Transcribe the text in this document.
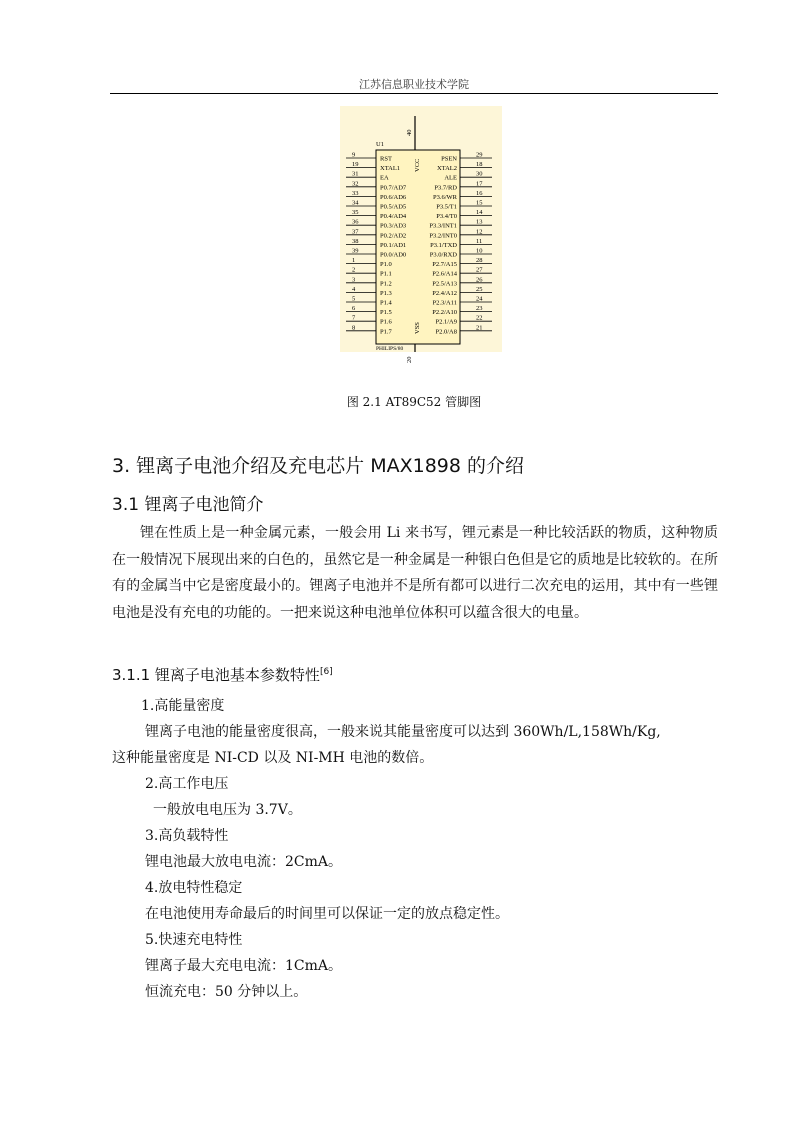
江苏信息职业技术学院
9
RST
19
XTAL1
31
EA
32
P0.7/AD7
33
P0.6/AD6
34
P0.5/AD5
35
P0.4/AD4
36
P0.3/AD3
37
P0.2/AD2
38
P0.1/AD1
39
P0.0/AD0
1
P1.0
2
P1.1
3
P1.2
4
P1.3
5
P1.4
6
P1.5
7
P1.6
8
P1.7
29
PSEN
18
XTAL2
30
ALE
17
P3.7/RD
16
P3.6/WR
15
P3.5/T1
14
P3.4/T0
13
P3.3/INT1
12
P3.2/INT0
11
P3.1/TXD
10
P3.0/RXD
28
P2.7/A15
27
P2.6/A14
26
P2.5/A13
25
P2.4/A12
24
P2.3/A11
23
P2.2/A10
22
P2.1/A9
21
P2.0/A8
40
20
VCC
VSS
U1
PHILIPS/80
图 2.1 AT89C52 管脚图
3. 锂离子电池介绍及充电芯片 MAX1898 的介绍
3.1 锂离子电池简介
锂在性质上是一种金属元素，一般会用 Li 来书写，锂元素是一种比较活跃的物质，这种物质在一般情况下展现出来的白色的，虽然它是一种金属是一种银白色但是它的质地是比较软的。在所有的金属当中它是密度最小的。锂离子电池并不是所有都可以进行二次充电的运用，其中有一些锂电池是没有充电的功能的。一把来说这种电池单位体积可以蕴含很大的电量。
3.1.1 锂离子电池基本参数特性[6]
1.高能量密度
锂离子电池的能量密度很高，一般来说其能量密度可以达到 360Wh/L,158Wh/Kg,
这种能量密度是 NI-CD 以及 NI-MH 电池的数倍。
2.高工作电压
一般放电电压为 3.7V。
3.高负载特性
锂电池最大放电电流：2CmA。
4.放电特性稳定
在电池使用寿命最后的时间里可以保证一定的放点稳定性。
5.快速充电特性
锂离子最大充电电流：1CmA。
恒流充电：50 分钟以上。
